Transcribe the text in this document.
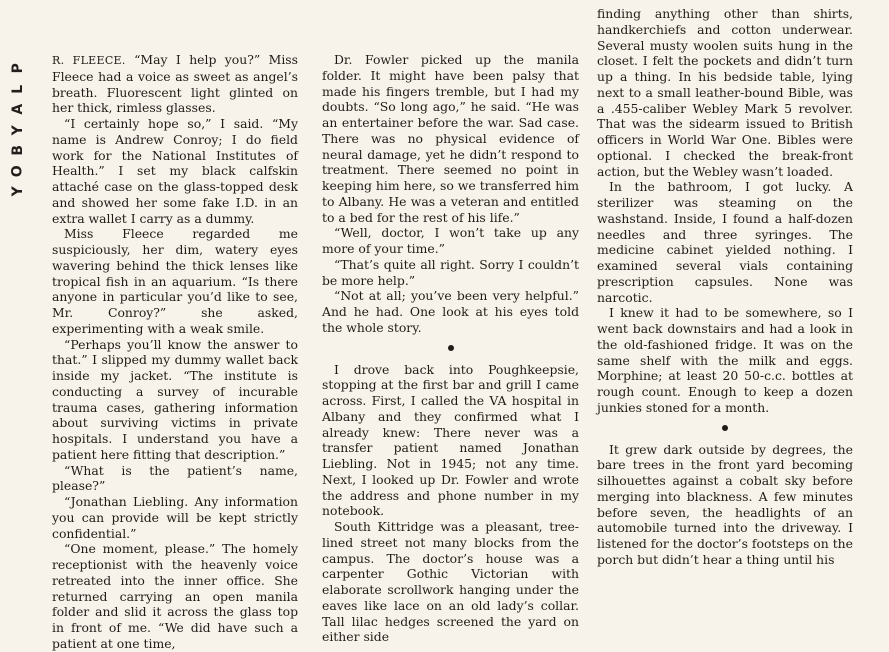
P
L
A
Y
B
O
Y

R. FLEECE. “May I help you?” Miss Fleece had a voice as sweet as angel’s breath. Fluorescent light glinted on her thick, rimless glasses.

“I certainly hope so,” I said. “My name is Andrew Conroy; I do field work for the National Institutes of Health.” I set my black calfskin attaché case on the glass-topped desk and showed her some fake I.D. in an extra wallet I carry as a dummy.

Miss Fleece regarded me suspiciously, her dim, watery eyes wavering behind the thick lenses like tropical fish in an aquarium. “Is there anyone in particular you’d like to see, Mr. Conroy?” she asked, experimenting with a weak smile.

“Perhaps you’ll know the answer to that.” I slipped my dummy wallet back inside my jacket. “The institute is conducting a survey of incurable trauma cases, gathering information about surviving victims in private hospitals. I understand you have a patient here fitting that description.”

“What is the patient’s name, please?”

“Jonathan Liebling. Any information you can provide will be kept strictly confidential.”

“One moment, please.” The homely receptionist with the heavenly voice retreated into the inner office. She returned carrying an open manila folder and slid it across the glass top in front of me. “We did have such a patient at one time,

Dr. Fowler picked up the manila folder. It might have been palsy that made his fingers tremble, but I had my doubts. “So long ago,” he said. “He was an entertainer before the war. Sad case. There was no physical evidence of neural damage, yet he didn’t respond to treatment. There seemed no point in keeping him here, so we transferred him to Albany. He was a veteran and entitled to a bed for the rest of his life.”

“Well, doctor, I won’t take up any more of your time.”

“That’s quite all right. Sorry I couldn’t be more help.”

“Not at all; you’ve been very helpful.” And he had. One look at his eyes told the whole story.

I drove back into Poughkeepsie, stopping at the first bar and grill I came across. First, I called the VA hospital in Albany and they confirmed what I already knew: There never was a transfer patient named Jonathan Liebling. Not in 1945; not any time. Next, I looked up Dr. Fowler and wrote the address and phone number in my notebook.

South Kittridge was a pleasant, tree-lined street not many blocks from the campus. The doctor’s house was a carpenter Gothic Victorian with elaborate scrollwork hanging under the eaves like lace on an old lady’s collar. Tall lilac hedges screened the yard on either side

finding anything other than shirts, handkerchiefs and cotton underwear. Several musty woolen suits hung in the closet. I felt the pockets and didn’t turn up a thing. In his bedside table, lying next to a small leather-bound Bible, was a .455-caliber Webley Mark 5 revolver. That was the sidearm issued to British officers in World War One. Bibles were optional. I checked the break-front action, but the Webley wasn’t loaded.

In the bathroom, I got lucky. A sterilizer was steaming on the washstand. Inside, I found a half-dozen needles and three syringes. The medicine cabinet yielded nothing. I examined several vials containing prescription capsules. None was narcotic.

I knew it had to be somewhere, so I went back downstairs and had a look in the old-fashioned fridge. It was on the same shelf with the milk and eggs. Morphine; at least 20 50-c.c. bottles at rough count. Enough to keep a dozen junkies stoned for a month.

It grew dark outside by degrees, the bare trees in the front yard becoming silhouettes against a cobalt sky before merging into blackness. A few minutes before seven, the headlights of an automobile turned into the driveway. I listened for the doctor’s footsteps on the porch but didn’t hear a thing until his
